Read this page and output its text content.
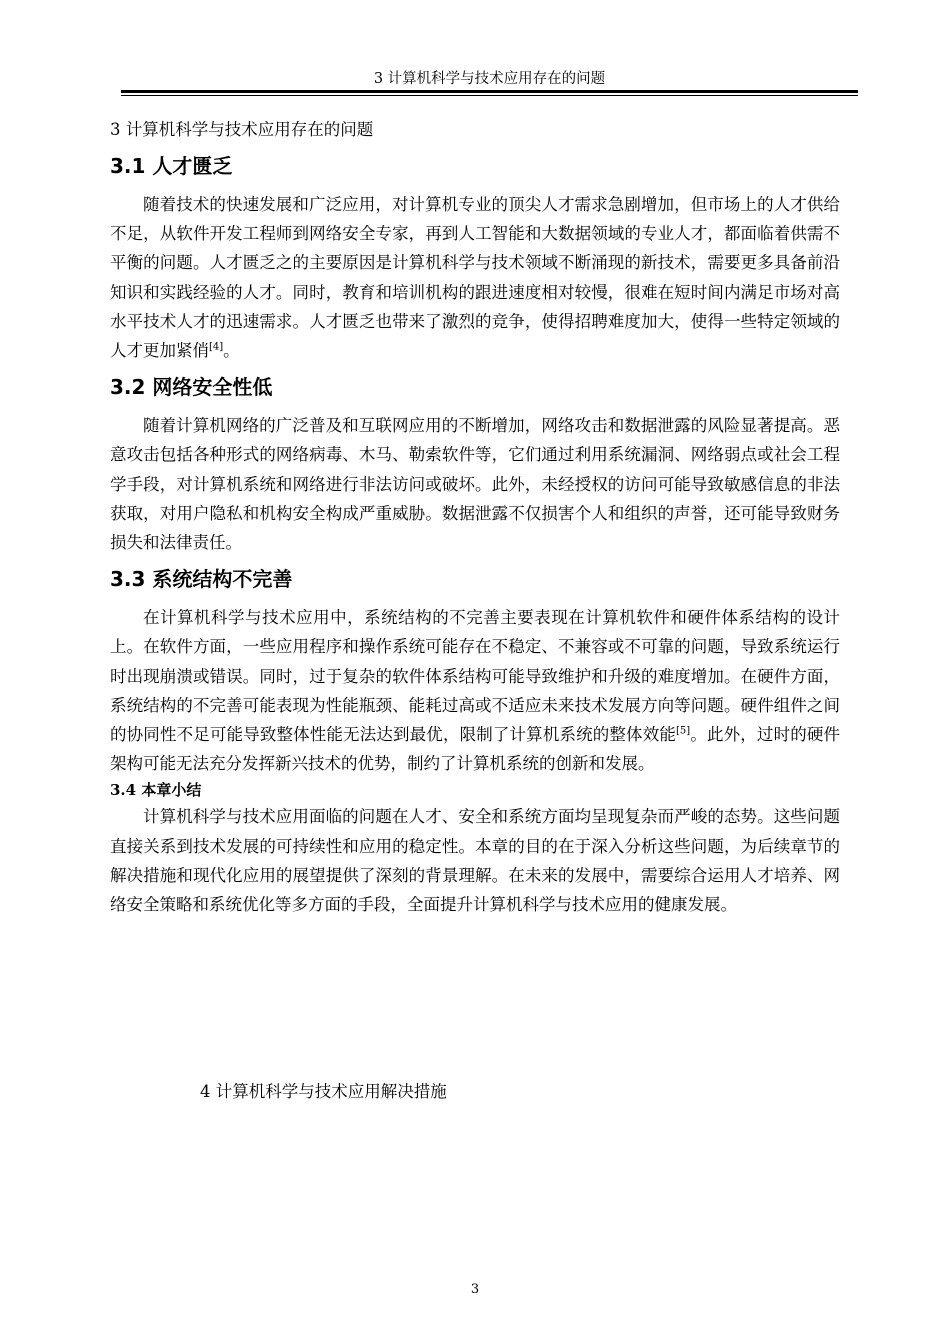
3 计算机科学与技术应用存在的问题

3 计算机科学与技术应用存在的问题

3.1 人才匮乏

随着技术的快速发展和广泛应用，对计算机专业的顶尖人才需求急剧增加，但市场上的人才供给不足，从软件开发工程师到网络安全专家，再到人工智能和大数据领域的专业人才，都面临着供需不平衡的问题。人才匮乏之的主要原因是计算机科学与技术领域不断涌现的新技术，需要更多具备前沿知识和实践经验的人才。同时，教育和培训机构的跟进速度相对较慢，很难在短时间内满足市场对高水平技术人才的迅速需求。人才匮乏也带来了激烈的竞争，使得招聘难度加大，使得一些特定领域的人才更加紧俏[4]。

3.2 网络安全性低

随着计算机网络的广泛普及和互联网应用的不断增加，网络攻击和数据泄露的风险显著提高。恶意攻击包括各种形式的网络病毒、木马、勒索软件等，它们通过利用系统漏洞、网络弱点或社会工程学手段，对计算机系统和网络进行非法访问或破坏。此外，未经授权的访问可能导致敏感信息的非法获取，对用户隐私和机构安全构成严重威胁。数据泄露不仅损害个人和组织的声誉，还可能导致财务损失和法律责任。

3.3 系统结构不完善

在计算机科学与技术应用中，系统结构的不完善主要表现在计算机软件和硬件体系结构的设计上。在软件方面，一些应用程序和操作系统可能存在不稳定、不兼容或不可靠的问题，导致系统运行时出现崩溃或错误。同时，过于复杂的软件体系结构可能导致维护和升级的难度增加。在硬件方面，系统结构的不完善可能表现为性能瓶颈、能耗过高或不适应未来技术发展方向等问题。硬件组件之间的协同性不足可能导致整体性能无法达到最优，限制了计算机系统的整体效能[5]。此外，过时的硬件架构可能无法充分发挥新兴技术的优势，制约了计算机系统的创新和发展。

3.4 本章小结

计算机科学与技术应用面临的问题在人才、安全和系统方面均呈现复杂而严峻的态势。这些问题直接关系到技术发展的可持续性和应用的稳定性。本章的目的在于深入分析这些问题，为后续章节的解决措施和现代化应用的展望提供了深刻的背景理解。在未来的发展中，需要综合运用人才培养、网络安全策略和系统优化等多方面的手段，全面提升计算机科学与技术应用的健康发展。

4 计算机科学与技术应用解决措施
3
